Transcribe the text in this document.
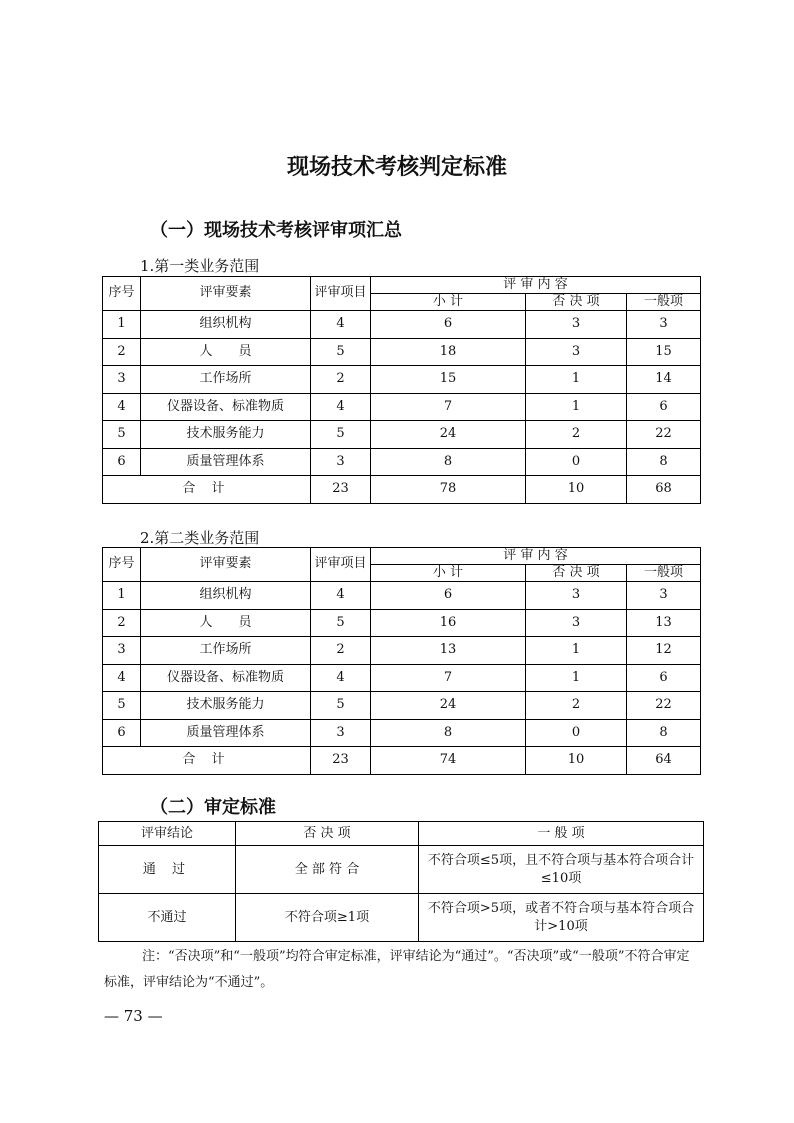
现场技术考核判定标准
（一）现场技术考核评审项汇总
1.第一类业务范围
序号	评审要素	评审项目	评 审 内 容		
			小 计	否 决 项	一般项
1	组织机构	4	6	3	3
2	人　　员	5	18	3	15
3	工作场所	2	15	1	14
4	仪器设备、标准物质	4	7	1	6
5	技术服务能力	5	24	2	22
6	质量管理体系	3	8	0	8
合 计		23	78	10	68
2.第二类业务范围
序号	评审要素	评审项目	评 审 内 容		
			小 计	否 决 项	一般项
1	组织机构	4	6	3	3
2	人　　员	5	16	3	13
3	工作场所	2	13	1	12
4	仪器设备、标准物质	4	7	1	6
5	技术服务能力	5	24	2	22
6	质量管理体系	3	8	0	8
合 计		23	74	10	64
（二）审定标准
评审结论	否 决 项	一 般 项
通 过	全 部 符 合	不符合项≤5项，且不符合项与基本符合项合计≤10项
不通过	不符合项≥1项	不符合项>5项，或者不符合项与基本符合项合计>10项
注：“否决项”和“一般项”均符合审定标准，评审结论为“通过”。“否决项”或“一般项”不符合审定标准，评审结论为“不通过”。
— 73 —
